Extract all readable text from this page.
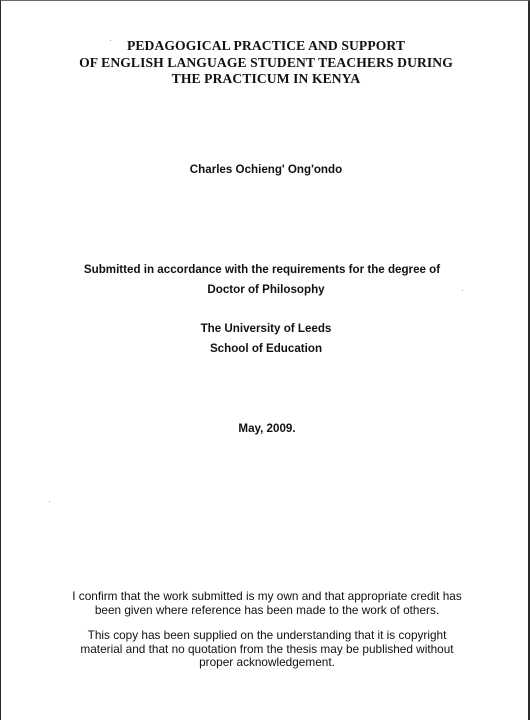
PEDAGOGICAL PRACTICE AND SUPPORT
OF ENGLISH LANGUAGE STUDENT TEACHERS DURING
THE PRACTICUM IN KENYA
Charles Ochieng' Ong'ondo
Submitted in accordance with the requirements for the degree of
Doctor of Philosophy
The University of Leeds
School of Education
May, 2009.
I confirm that the work submitted is my own and that appropriate credit has
been given where reference has been made to the work of others.
This copy has been supplied on the understanding that it is copyright
material and that no quotation from the thesis may be published without
proper acknowledgement.
